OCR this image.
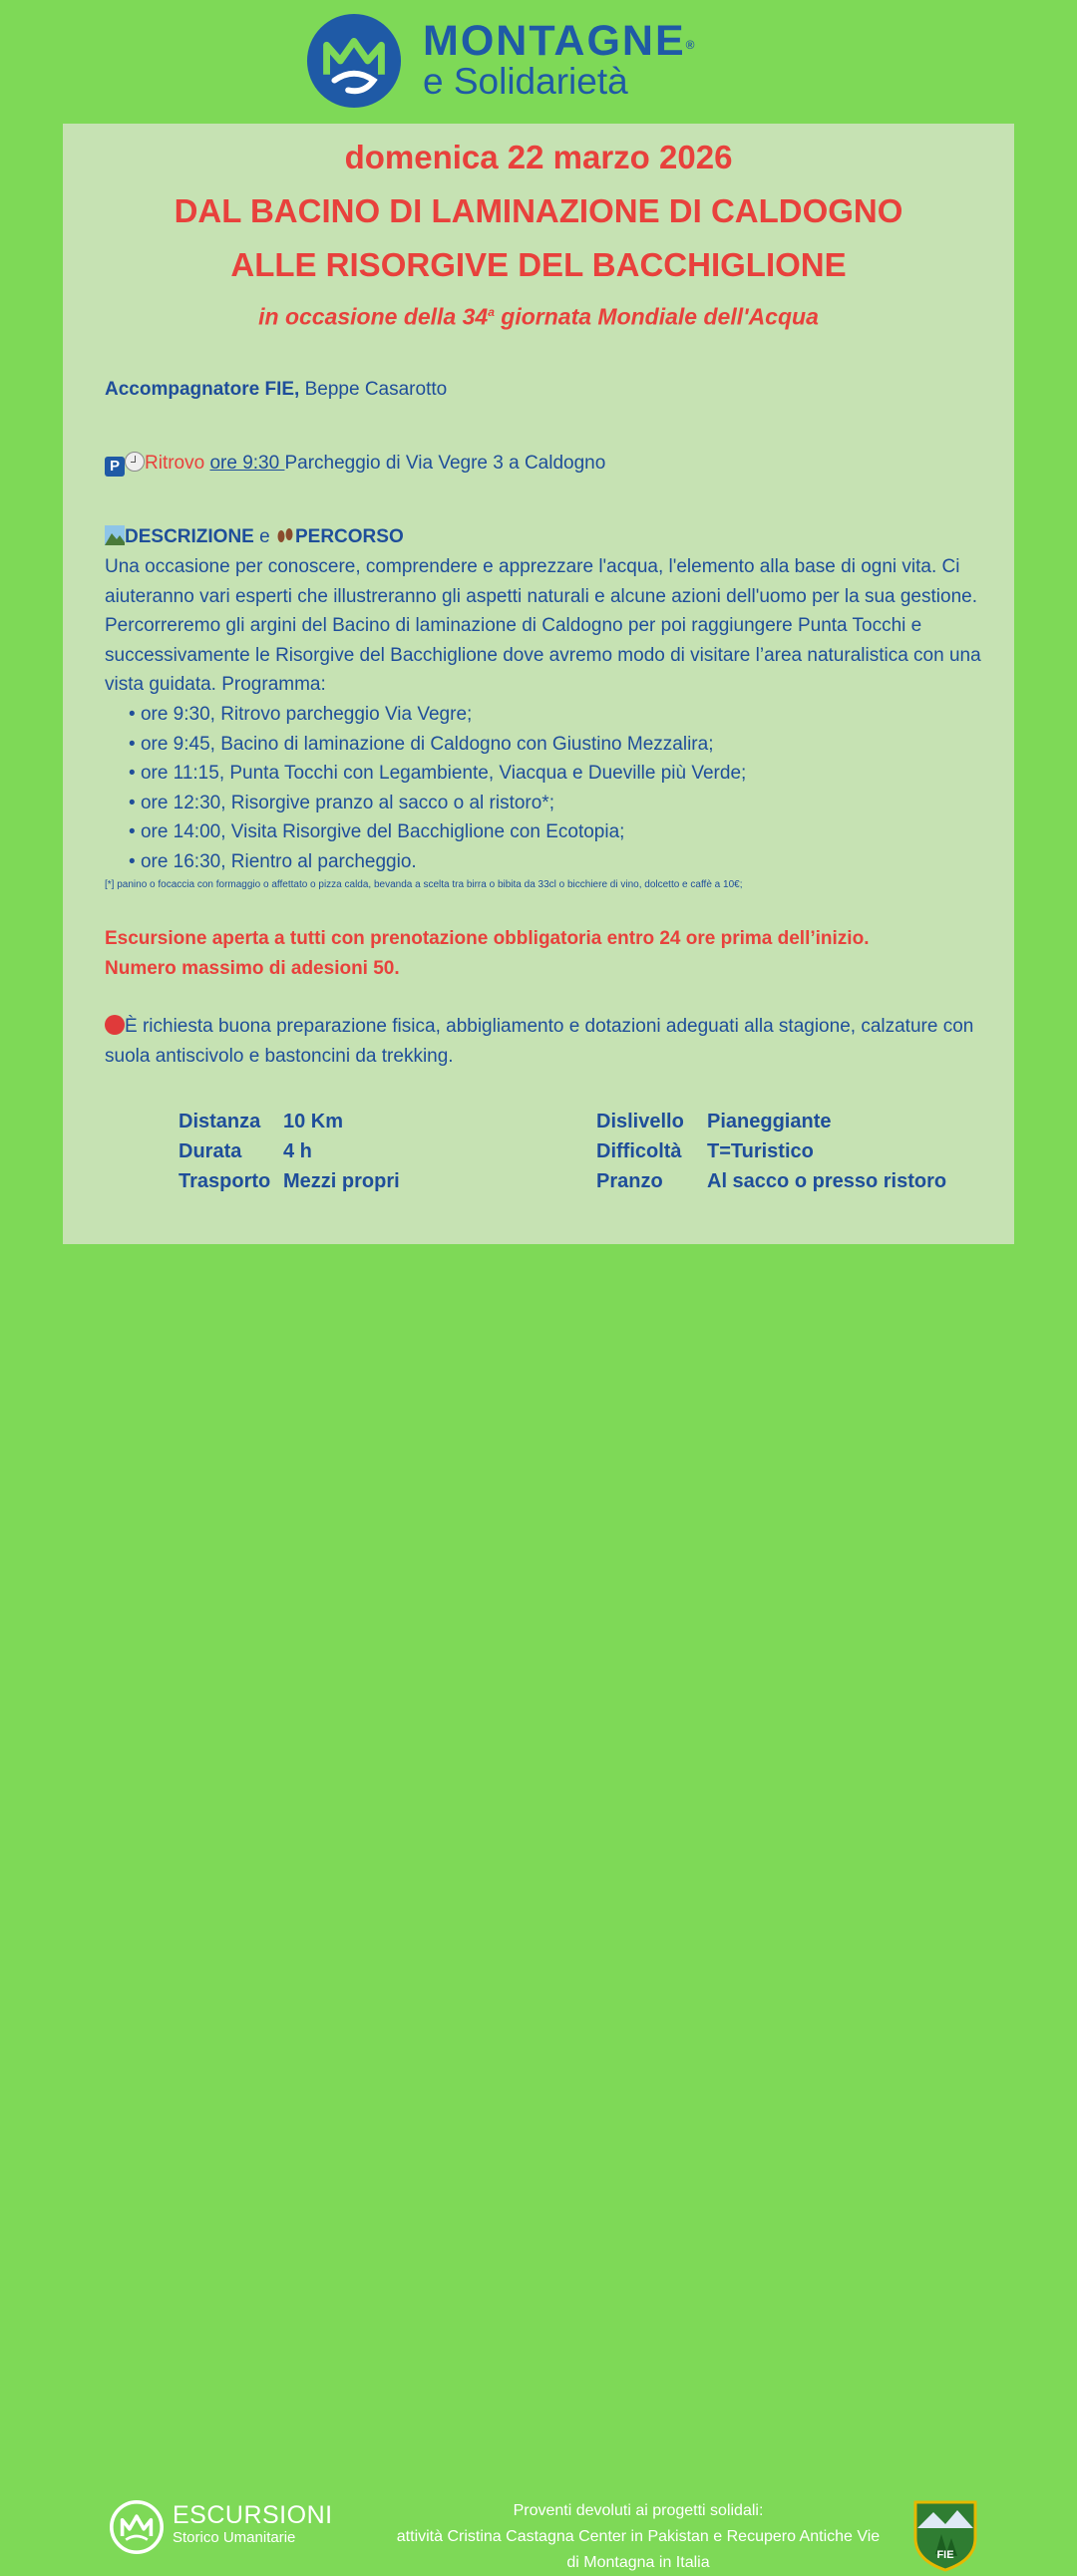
MONTAGNE®
e Solidarietà
domenica 22 marzo 2026
DAL BACINO DI LAMINAZIONE DI CALDOGNO
ALLE RISORGIVE DEL BACCHIGLIONE
in occasione della 34$^a$ giornata Mondiale dell'Acqua
Accompagnatore FIE, Beppe Casarotto
P Ritrovo ore 9:30 Parcheggio di Via Vegre 3 a Caldogno
DESCRIZIONE e PERCORSO
Una occasione per conoscere, comprendere e apprezzare l'acqua, l'elemento alla base di ogni vita. Ci aiuteranno vari esperti che illustreranno gli aspetti naturali e alcune azioni dell'uomo per la sua gestione. Percorreremo gli argini del Bacino di laminazione di Caldogno per poi raggiungere Punta Tocchi e successivamente le Risorgive del Bacchiglione dove avremo modo di visitare l’area naturalistica con una vista guidata. Programma:
• ore 9:30, Ritrovo parcheggio Via Vegre;
• ore 9:45, Bacino di laminazione di Caldogno con Giustino Mezzalira;
• ore 11:15, Punta Tocchi con Legambiente, Viacqua e Dueville più Verde;
• ore 12:30, Risorgive pranzo al sacco o al ristoro*;
• ore 14:00, Visita Risorgive del Bacchiglione con Ecotopia;
• ore 16:30, Rientro al parcheggio.
[*] panino o focaccia con formaggio o affettato o pizza calda, bevanda a scelta tra birra o bibita da 33cl o bicchiere di vino, dolcetto e caffè a 10€;
Escursione aperta a tutti con prenotazione obbligatoria entro 24 ore prima dell’inizio.
Numero massimo di adesioni 50.
È richiesta buona preparazione fisica, abbigliamento e dotazioni adeguati alla stagione, calzature con suola antiscivolo e bastoncini da trekking.
Distanza 10 Km
Durata 4 h
Trasporto Mezzi propri
Dislivello Pianeggiante
Difficoltà T=Turistico
Pranzo Al sacco o presso ristoro
ESCURSIONI
Storico Umanitarie
Proventi devoluti ai progetti solidali:
attività Cristina Castagna Center in Pakistan e Recupero Antiche Vie
di Montagna in Italia	FIE
